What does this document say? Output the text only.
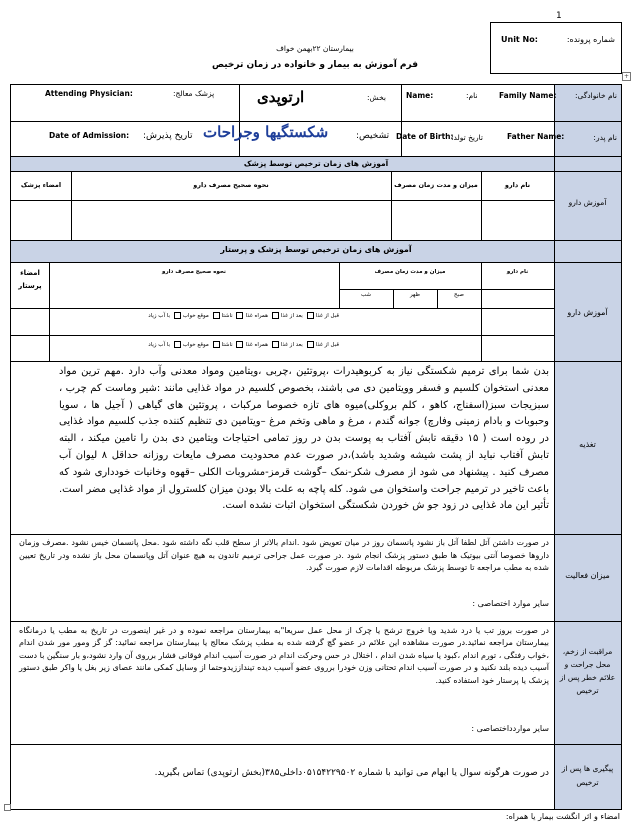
1
بیمارستان ۲۲بهمن خواف
فرم آموزش به بیمار و خانواده در زمان ترخیص
Unit No:	شماره پرونده:
+
نام خانوادگی:
Family Name:
نام:
Name:
بخش:
ارتوپدی
پزشک معالج:
Attending Physician:
نام پدر:
Father Name:
تاریخ تولد:
Date of Birth:
تشخیص:
شکستگیها وجراحات
تاریخ پذیرش:
Date of Admission:
آموزش های زمان ترخیص توسط پزشک
آموزش دارو
نام دارو
میزان و مدت زمان مصرف
نحوه صحیح مصرف دارو
امضاء پزشک
آموزش های زمان ترخیص توسط پزشک و پرستار
آموزش دارو
نام دارو
میزان و مدت زمان مصرف
نحوه صحیح مصرف دارو
امضاء پرستار
صبح
ظهر
شب
قبل از غذا بعد از غذا همراه غذا ناشتا موقع خواب با آب زیاد
قبل از غذا بعد از غذا همراه غذا ناشتا موقع خواب با آب زیاد
تغذیه
بدن شما برای ترمیم شکستگی نیاز به کربوهیدرات ،پروتئین ،چربی ،ویتامین ومواد معدنی وآب دارد .مهم ترین مواد معدنی استخوان کلسیم و فسفر وویتامین دی می باشند، بخصوص کلسیم در مواد غذایی مانند :شیر وماست کم چرب ، سبزیجات سبز(اسفناج، کاهو ، کلم بروکلی)میوه های تازه خصوصا مرکبات ، پروتئین های گیاهی ( آجیل ها ، سویا وحبوبات و بادام زمینی وفارچ) جوانه گندم ، مرغ و ماهی وتخم مرغ –ویتامین دی تنظیم کننده جذب کلسیم مواد غذایی در روده است ( ۱۵ دقیقه تابش آفتاب به پوست بدن در روز تمامی احتیاجات ویتامین دی بدن را تامین میکند ، البته تابش آفتاب نباید از پشت شیشه وشدید باشد)،در صورت عدم محدودیت مصرف مایعات روزانه حداقل ۸ لیوان آب مصرف کنید . پیشنهاد می شود از مصرف شکر-نمک –گوشت قرمز-مشروبات الکلی –قهوه وخانیات خودداری شود که باعث تاخیر در ترمیم جراحت واستخوان می شود. کله پاچه به علت بالا بودن میزان کلسترول از مواد غذایی مضر است. تأثیر این ماد غذایی در زود جو ش خوردن شکستگی استخوان اثبات نشده است.
میزان فعالیت
در صورت داشتن آتل لطفا آتل باز نشود پانسمان روز در میان تعویض شود .اندام بالاتر از سطح قلب نگه داشته شود .محل پانسمان خیس نشود .مصرف وزمان داروها خصوصا آنتی بیوتیک ها طبق دستور پزشک انجام شود .در صورت عمل جراحی ترمیم تاندون به هیچ عنوان آتل وپانسمان محل باز نشده ودر تاریخ تعیین شده به مطب مراجعه تا توسط پزشک مربوطه اقدامات لازم صورت گیرد.
سایر موارد اختصاصی :
مراقبت از زخم، محل جراحت و علائم خطر پس از ترخیص
در صورت بروز تب یا درد شدید ویا خروج ترشح یا چرک از محل عمل سریعا"به بیمارستان مراجعه نموده و در غیر اینصورت در تاریخ به مطب یا درمانگاه بیمارستان مراجعه نمائید.در صورت مشاهده این علائم در عضو گچ گرفته شده به مطب پزشک معالج یا بیمارستان مراجعه نمائید: گز گز ومور مور شدن اندام ،خواب رفتگی ، تورم اندام ،کبود یا سیاه شدن اندام ، اختلال در حس وحرکت اندام در صورت آسیب اندام فوقانی فشار برروی آن وارد نشود،و بار سنگین با دست آسیب دیده بلند نکنید و در صورت آسیب اندام تحتانی وزن خودرا برروی عضو آسیب دیده تینداززیدوحتما از وسایل کمکی مانند عصای زیر بغل یا واکر طبق دستور پزشک یا پرستار خود استفاده کنید.
سایر مواردداختصاصی :
پیگیری ها پس از ترخیص
در صورت هرگونه سوال یا ابهام می توانید با شماره ۰۵۱۵۴۲۲۹۵۰۲داخلی۳۸۵(بخش ارتوپدی) تماس بگیرید.
امضاء و اثر انگشت بیمار یا همراه:
